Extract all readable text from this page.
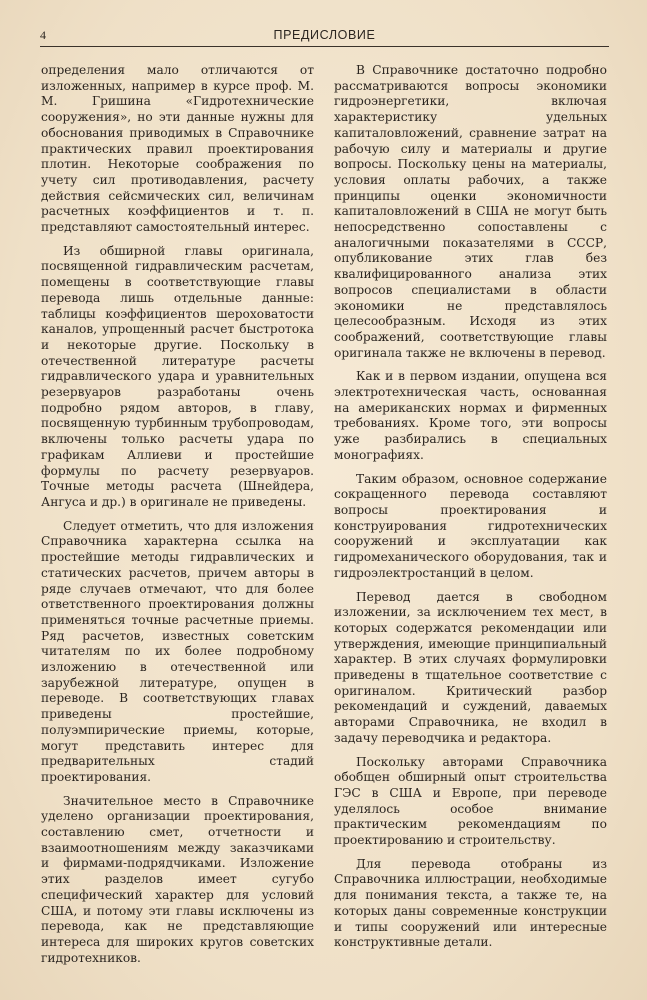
4	ПРЕДИСЛОВИЕ

определения мало отличаются от изложенных, например в курсе проф. М. М. Гришина «Гидротехнические сооружения», но эти данные нужны для обоснования приводимых в Справочнике практических правил проектирования плотин. Некоторые соображения по учету сил противодавления, расчету действия сейсмических сил, величинам расчетных коэффициентов и т. п. представляют самостоятельный интерес.

Из обширной главы оригинала, посвященной гидравлическим расчетам, помещены в соответствующие главы перевода лишь отдельные данные: таблицы коэффициентов шероховатости каналов, упрощенный расчет быстротока и некоторые другие. Поскольку в отечественной литературе расчеты гидравлического удара и уравнительных резервуаров разработаны очень подробно рядом авторов, в главу, посвященную турбинным трубопроводам, включены только расчеты удара по графикам Аллиеви и простейшие формулы по расчету резервуаров. Точные методы расчета (Шнейдера, Ангуса и др.) в оригинале не приведены.

Следует отметить, что для изложения Справочника характерна ссылка на простейшие методы гидравлических и статических расчетов, причем авторы в ряде случаев отмечают, что для более ответственного проектирования должны применяться точные расчетные приемы. Ряд расчетов, известных советским читателям по их более подробному изложению в отечественной или зарубежной литературе, опущен в переводе. В соответствующих главах приведены простейшие, полуэмпирические приемы, которые, могут представить интерес для предварительных стадий проектирования.

Значительное место в Справочнике уделено организации проектирования, составлению смет, отчетности и взаимоотношениям между заказчиками и фирмами-подрядчиками. Изложение этих разделов имеет сугубо специфический характер для условий США, и потому эти главы исключены из перевода, как не представляющие интереса для широких кругов советских гидротехников.

В Справочнике достаточно подробно рассматриваются вопросы экономики гидроэнергетики, включая характеристику удельных капиталовложений, сравнение затрат на рабочую силу и материалы и другие вопросы. Поскольку цены на материалы, условия оплаты рабочих, а также принципы оценки экономичности капиталовложений в США не могут быть непосредственно сопоставлены с аналогичными показателями в СССР, опубликование этих глав без квалифицированного анализа этих вопросов специалистами в области экономики не представлялось целесообразным. Исходя из этих соображений, соответствующие главы оригинала также не включены в перевод.

Как и в первом издании, опущена вся электротехническая часть, основанная на американских нормах и фирменных требованиях. Кроме того, эти вопросы уже разбирались в специальных монографиях.

Таким образом, основное содержание сокращенного перевода составляют вопросы проектирования и конструирования гидротехнических сооружений и эксплуатации как гидромеханического оборудования, так и гидроэлектростанций в целом.

Перевод дается в свободном изложении, за исключением тех мест, в которых содержатся рекомендации или утверждения, имеющие принципиальный характер. В этих случаях формулировки приведены в тщательное соответствие с оригиналом. Критический разбор рекомендаций и суждений, даваемых авторами Справочника, не входил в задачу переводчика и редактора.

Поскольку авторами Справочника обобщен обширный опыт строительства ГЭС в США и Европе, при переводе уделялось особое внимание практическим рекомендациям по проектированию и строительству.

Для перевода отобраны из Справочника иллюстрации, необходимые для понимания текста, а также те, на которых даны современные конструкции и типы сооружений или интересные конструктивные детали.
